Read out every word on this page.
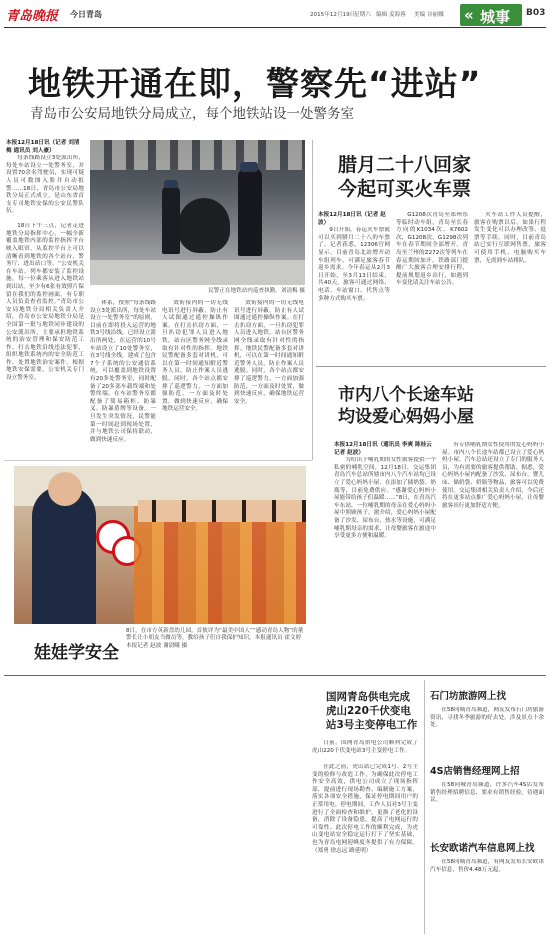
青岛晚报 今日青岛	2015年12月19日
星期六 编辑 姜海蓉 美编 谷丽娜 « 城事 B03
地铁开通在即，警察先“进站”
青岛市公安局地铁分局成立，每个地铁站设一处警务室

本报12月18日讯（记者 刘清梅 通讯员 刘人豪）

每条线路设立3处派出所，每处车站设立一处警务室，并设置70余名驾驶员，实现可疑人员可数图入脸并自动报警……18日，青岛市公安局地铁分局正式成立，是山东省首支专司地铁安保的公安民警队伍。

18日下午三点，记者走进地铁分局指挥中心，一幅全新覆盖地铁内部的监控指挥平台映入眼帘。从监控平台上可以清晰看到地铁的各个站台、警务厅、进出站口等。“公安机关在车站，列车都安装了监控设施，每一位乘客从进入地铁站到出站，至少有6张有效照片保留在我们的监控画面，有专职人员负责查看监控。”青岛市公安局地铁分局相关负责人介绍，青岛市公安局地铁分局是全国第一批与地铁同步建设的公安派出所，主要承担地铁系统的治安管理和保安防范工作，打击地铁沿线违法犯罪，组织地铁系统内的安全防范工作，处置地铁治安案件。根据地铁安保需要，公安机关专门设立警务室。

民警正在地铁站内巡查执勤。刘清梅 摄

体系，按照“每条线路设立3处派出所，每处车站设立一处警务室”的原则，目前在即将投入运营的地铁3号线沿线，已经设立派出所两处，在运营的10号车站设立了10处警务室，在3号线全线，建成了包含7个子系统的公安通信系统，可以覆盖到地铁设置有20多处警务室，同时配备了20多部车载终端和处警终端。在车站警务室都配备了简易箱柜、防暴叉、防暴盾牌等设备。一旦发生突发情况，民警能第一时间赶到现场处置，并与地铁公司保持联动，做到快速反应。

效衔接内的一切无线电讯号进行屏蔽，防止有人试图通过遥控操纵作案。在打击扒窃方面，一旦扒窃犯罪人员进入地铁，站台区警务网全线录取有针对性的指挥。地铁民警配备多套对讲机，可以在第一时间通知附近警务人员，防止作案人员逃脱。同时，各个站点都安排了巡逻警力，一方面加强防范，一方面及时处置，做到快速反应，确保地铁运营安全。

效衔接内的一切无线电讯号进行屏蔽，防止有人试图通过遥控操纵作案。在打击扒窃方面，一旦扒窃犯罪人员进入地铁，站台区警务网全线录取有针对性的指挥。地铁民警配备多套对讲机，可以在第一时间通知附近警务人员，防止作案人员逃脱。同时，各个站点都安排了巡逻警力，一方面加强防范，一方面及时处置，做到快速反应，确保地铁运营安全。

腊月二十八回家
今起可买火车票

本报12月18日讯（记者 赵波）

9日开始，春运火车票就可以买到腊月二十八的车票了。记者获悉，12306官网显示，目前青岛北站增开动车组列车，可满足旅客春节返乡需求。今年春运从2月3日开始，至3月13日结束，共40天。旅客可通过网络、电话、车站窗口、代售点等多种方式购买车票。

G1208次青岛至郑州东等临时动车组，青岛至长春方向的K1034次、K7602次，G1208次，G1298次列车在春节期间全部增开。青岛至兰州的Z272次等列车在春运期间加开。铁路部门提醒广大旅客合理安排行程，提前规划返乡出行，如遇列车变化请关注车站公告。

火车站工作人员提醒，旅客在购票以后，如果行程发生变化可以办理改签、退票等手续。同时，目前青岛站已实行互联网售票，旅客可使用手机、电脑购买车票，无需到车站排队。

市内八个长途车站
均设爱心妈妈小屋

本报12月18日讯（通讯员 李爽 陈桂云 记者 赵波）

为给出于哺乳期的女性旅客提供一个私密的哺乳空间，12月18日，交运集团青岛汽车总站所辖市内八个汽车站均已设立了爱心妈妈小屋，在添加了储奶袋、奶瓶等，目前免费供应。“感谢爱心妈妈小屋能带给孩子们温暖……”8日，在青岛汽车东站，一位哺乳期的母亲在爱心妈妈小屋中照顾孩子。据介绍，爱心妈妈小屋配备了沙发、尿布台、热水等设施，可满足哺乳期母亲的需求，让母婴旅客在旅途中享受更多方便和温暖。

有专供哺乳期女性使用的爱心妈妈小屋。市内八个长途车站都已设立了爱心妈妈小屋，汽车总站还设立了专门的服务人员，为有需要的旅客提供帮助。据悉，爱心妈妈小屋内配备了沙发、尿布台、婴儿床、储奶袋、奶瓶等物品，旅客可以免费使用。交运集团相关负责人介绍，今后还将在更多站点推广爱心妈妈小屋，让母婴旅客出行更加舒适方便。

娃娃学安全
8日，在市方英新盘幼儿园，首彼评为“最美中国人”“感动青岛人物”的董警长让小朋友当做员等，教给孩子们自我保护知识。本报通讯员 霍文婷 本报记者 赵波 谢尉曦 摄
国网青岛供电完成虎山220千伏变电站3号主变停电工作

日前，国网青岛供电公司顺利完成了虎山220千伏变电站3号主变停电工作。

在此之前，虎山站已完成1号、2号主变的检修与改造工作，为确保此次停电工作安全高效，供电公司成立了现场指挥部，提前进行现场勘查、编制施工方案，落实各项安全措施，保证停电期间用户的正常用电。停电期间，工作人员对3号主变进行了全面检查和维护，更换了老化的设备，消除了设备隐患，提高了电网运行的可靠性。此次停电工作的顺利完成，为虎山变电站安全稳定运行打下了坚实基础，也为青岛电网迎峰度冬提供了有力保障。（郑勇 徐志远 路延明）

石门坊旅游网上找

在58同城青岛频道，网友发布石门坊旅游资讯，寻找冬季旅游的好去处，涉及景点十余处。

4S店销售经理网上招

在58同城青岛频道，许多汽车4S店发布销售经理招聘信息，要求有销售经验，待遇面议。

长安欧诺汽车信息网上找

在58同城青岛频道，有网友发布长安欧诺汽车信息，售价4.48万元起。
